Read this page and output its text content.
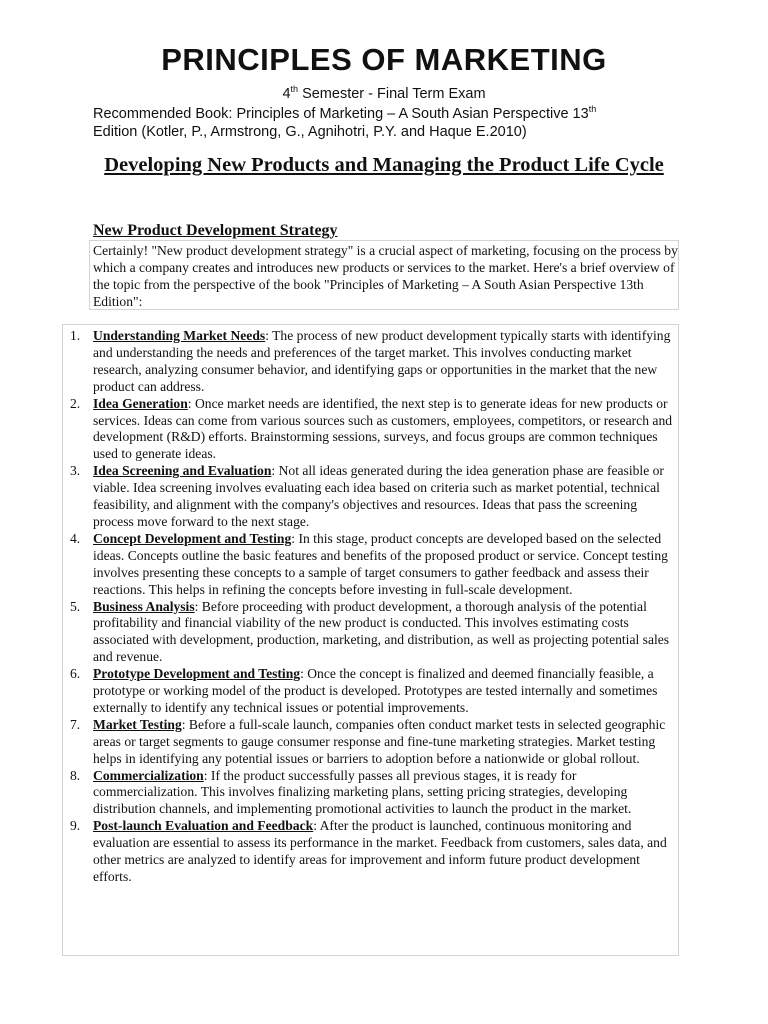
PRINCIPLES OF MARKETING
4th Semester - Final Term Exam
Recommended Book: Principles of Marketing – A South Asian Perspective 13th
Edition (Kotler, P., Armstrong, G., Agnihotri, P.Y. and Haque E.2010)
Developing New Products and Managing the Product Life Cycle
New Product Development Strategy
Certainly! "New product development strategy" is a crucial aspect of marketing, focusing on the process by which a company creates and introduces new products or services to the market. Here's a brief overview of the topic from the perspective of the book "Principles of Marketing – A South Asian Perspective 13th Edition":
1. Understanding Market Needs: The process of new product development typically starts with identifying and understanding the needs and preferences of the target market. This involves conducting market research, analyzing consumer behavior, and identifying gaps or opportunities in the market that the new product can address.
2. Idea Generation: Once market needs are identified, the next step is to generate ideas for new products or services. Ideas can come from various sources such as customers, employees, competitors, or research and development (R&D) efforts. Brainstorming sessions, surveys, and focus groups are common techniques used to generate ideas.
3. Idea Screening and Evaluation: Not all ideas generated during the idea generation phase are feasible or viable. Idea screening involves evaluating each idea based on criteria such as market potential, technical feasibility, and alignment with the company's objectives and resources. Ideas that pass the screening process move forward to the next stage.
4. Concept Development and Testing: In this stage, product concepts are developed based on the selected ideas. Concepts outline the basic features and benefits of the proposed product or service. Concept testing involves presenting these concepts to a sample of target consumers to gather feedback and assess their reactions. This helps in refining the concepts before investing in full-scale development.
5. Business Analysis: Before proceeding with product development, a thorough analysis of the potential profitability and financial viability of the new product is conducted. This involves estimating costs associated with development, production, marketing, and distribution, as well as projecting potential sales and revenue.
6. Prototype Development and Testing: Once the concept is finalized and deemed financially feasible, a prototype or working model of the product is developed. Prototypes are tested internally and sometimes externally to identify any technical issues or potential improvements.
7. Market Testing: Before a full-scale launch, companies often conduct market tests in selected geographic areas or target segments to gauge consumer response and fine-tune marketing strategies. Market testing helps in identifying any potential issues or barriers to adoption before a nationwide or global rollout.
8. Commercialization: If the product successfully passes all previous stages, it is ready for commercialization. This involves finalizing marketing plans, setting pricing strategies, developing distribution channels, and implementing promotional activities to launch the product in the market.
9. Post-launch Evaluation and Feedback: After the product is launched, continuous monitoring and evaluation are essential to assess its performance in the market. Feedback from customers, sales data, and other metrics are analyzed to identify areas for improvement and inform future product development efforts.
